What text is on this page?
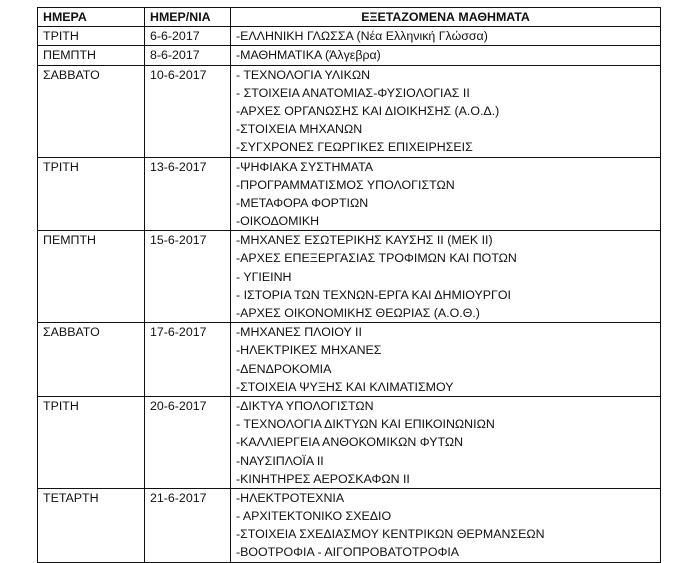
ΗΜΕΡΑ	ΗΜΕΡ/ΝΙΑ	ΕΞΕΤΑΖΟΜΕΝΑ ΜΑΘΗΜΑΤΑ
ΤΡΙΤΗ	6-6-2017	-ΕΛΛΗΝΙΚΗ ΓΛΩΣΣΑ (Νέα Ελληνική Γλώσσα)

ΠΕΜΠΤΗ	8-6-2017	-ΜΑΘΗΜΑΤΙΚΑ (Άλγεβρα)

ΣΑΒΒΑΤΟ	10-6-2017	- ΤΕΧΝΟΛΟΓΙΑ ΥΛΙΚΩΝ
- ΣΤΟΙΧΕΙΑ ΑΝΑΤΟΜΙΑΣ-ΦΥΣΙΟΛΟΓΙΑΣ ΙΙ
-ΑΡΧΕΣ ΟΡΓΑΝΩΣΗΣ ΚΑΙ ΔΙΟΙΚΗΣΗΣ (Α.Ο.Δ.)
-ΣΤΟΙΧΕΙΑ ΜΗΧΑΝΩΝ
-ΣΥΓΧΡΟΝΕΣ ΓΕΩΡΓΙΚΕΣ ΕΠΙΧΕΙΡΗΣΕΙΣ

ΤΡΙΤΗ	13-6-2017	-ΨΗΦΙΑΚΑ ΣΥΣΤΗΜΑΤΑ
-ΠΡΟΓΡΑΜΜΑΤΙΣΜΟΣ ΥΠΟΛΟΓΙΣΤΩΝ
-ΜΕΤΑΦΟΡΑ ΦΟΡΤΙΩΝ
-ΟΙΚΟΔΟΜΙΚΗ

ΠΕΜΠΤΗ	15-6-2017	-ΜΗΧΑΝΕΣ ΕΣΩΤΕΡΙΚΗΣ ΚΑΥΣΗΣ ΙΙ (ΜΕΚ ΙΙ)
-ΑΡΧΕΣ ΕΠΕΞΕΡΓΑΣΙΑΣ ΤΡΟΦΙΜΩΝ ΚΑΙ ΠΟΤΩΝ
- ΥΓΙΕΙΝΗ
- ΙΣΤΟΡΙΑ ΤΩΝ ΤΕΧΝΩΝ-ΕΡΓΑ ΚΑΙ ΔΗΜΙΟΥΡΓΟΙ
-ΑΡΧΕΣ ΟΙΚΟΝΟΜΙΚΗΣ ΘΕΩΡΙΑΣ (Α.Ο.Θ.)

ΣΑΒΒΑΤΟ	17-6-2017	-ΜΗΧΑΝΕΣ ΠΛΟΙΟΥ ΙΙ
-ΗΛΕΚΤΡΙΚΕΣ ΜΗΧΑΝΕΣ
-ΔΕΝΔΡΟΚΟΜΙΑ
-ΣΤΟΙΧΕΙΑ ΨΥΞΗΣ ΚΑΙ ΚΛΙΜΑΤΙΣΜΟΥ

ΤΡΙΤΗ	20-6-2017	-ΔΙΚΤΥΑ ΥΠΟΛΟΓΙΣΤΩΝ
- ΤΕΧΝΟΛΟΓΙΑ ΔΙΚΤΥΩΝ ΚΑΙ ΕΠΙΚΟΙΝΩΝΙΩΝ
-ΚΑΛΛΙΕΡΓΕΙΑ ΑΝΘΟΚΟΜΙΚΩΝ ΦΥΤΩΝ
-ΝΑΥΣΙΠΛΟΪΑ ΙΙ
-ΚΙΝΗΤΗΡΕΣ ΑΕΡΟΣΚΑΦΩΝ ΙΙ

ΤΕΤΑΡΤΗ	21-6-2017	-ΗΛΕΚΤΡΟΤΕΧΝΙΑ
- ΑΡΧΙΤΕΚΤΟΝΙΚΟ ΣΧΕΔΙΟ
-ΣΤΟΙΧΕΙΑ ΣΧΕΔΙΑΣΜΟΥ ΚΕΝΤΡΙΚΩΝ ΘΕΡΜΑΝΣΕΩΝ
-ΒΟΟΤΡΟΦΙΑ - ΑΙΓΟΠΡΟΒΑΤΟΤΡΟΦΙΑ
